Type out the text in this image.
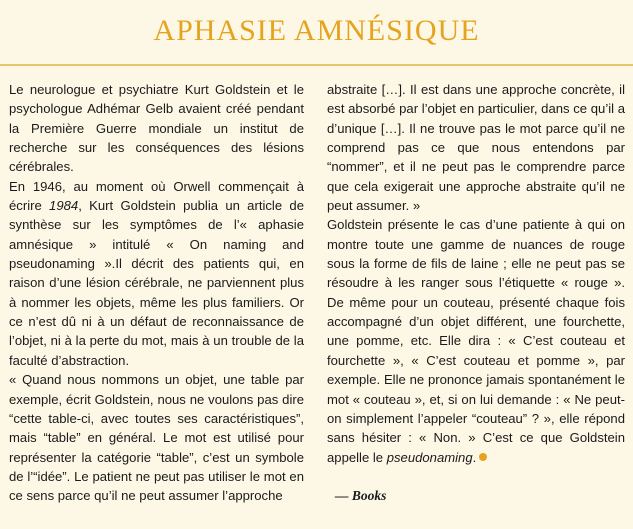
APHASIE AMNÉSIQUE

Le neurologue et psychiatre Kurt Goldstein et le psychologue Adhémar Gelb avaient créé pendant la Première Guerre mondiale un institut de recherche sur les conséquences des lésions cérébrales.

En 1946, au moment où Orwell commençait à écrire 1984, Kurt Goldstein publia un article de synthèse sur les symptômes de l’« aphasie amnésique » intitulé « On naming and pseudonaming ».Il décrit des patients qui, en raison d’une lésion cérébrale, ne parviennent plus à nommer les objets, même les plus familiers. Or ce n’est dû ni à un défaut de reconnaissance de l’objet, ni à la perte du mot, mais à un trouble de la faculté d’abstraction.

« Quand nous nommons un objet, une table par exemple, écrit Goldstein, nous ne voulons pas dire “cette table-ci, avec toutes ses caractéristiques”, mais “table” en général. Le mot est utilisé pour représenter la catégorie “table”, c’est un symbole de l’“idée”. Le patient ne peut pas utiliser le mot en ce sens parce qu’il ne peut assumer l’approche

abstraite […]. Il est dans une approche concrète, il est absorbé par l’objet en particulier, dans ce qu’il a d’unique […]. Il ne trouve pas le mot parce qu’il ne comprend pas ce que nous entendons par “nommer”, et il ne peut pas le comprendre parce que cela exigerait une approche abstraite qu’il ne peut assumer. »

Goldstein présente le cas d’une patiente à qui on montre toute une gamme de nuances de rouge sous la forme de fils de laine ; elle ne peut pas se résoudre à les ranger sous l’étiquette « rouge ». De même pour un couteau, présenté chaque fois accompagné d’un objet différent, une fourchette, une pomme, etc. Elle dira : « C’est couteau et fourchette », « C’est couteau et pomme », par exemple. Elle ne prononce jamais spontanément le mot « couteau », et, si on lui demande : « Ne peut-on simplement l’appeler “couteau” ? », elle répond sans hésiter : « Non. » C’est ce que Goldstein appelle le pseudonaming.

— Books
